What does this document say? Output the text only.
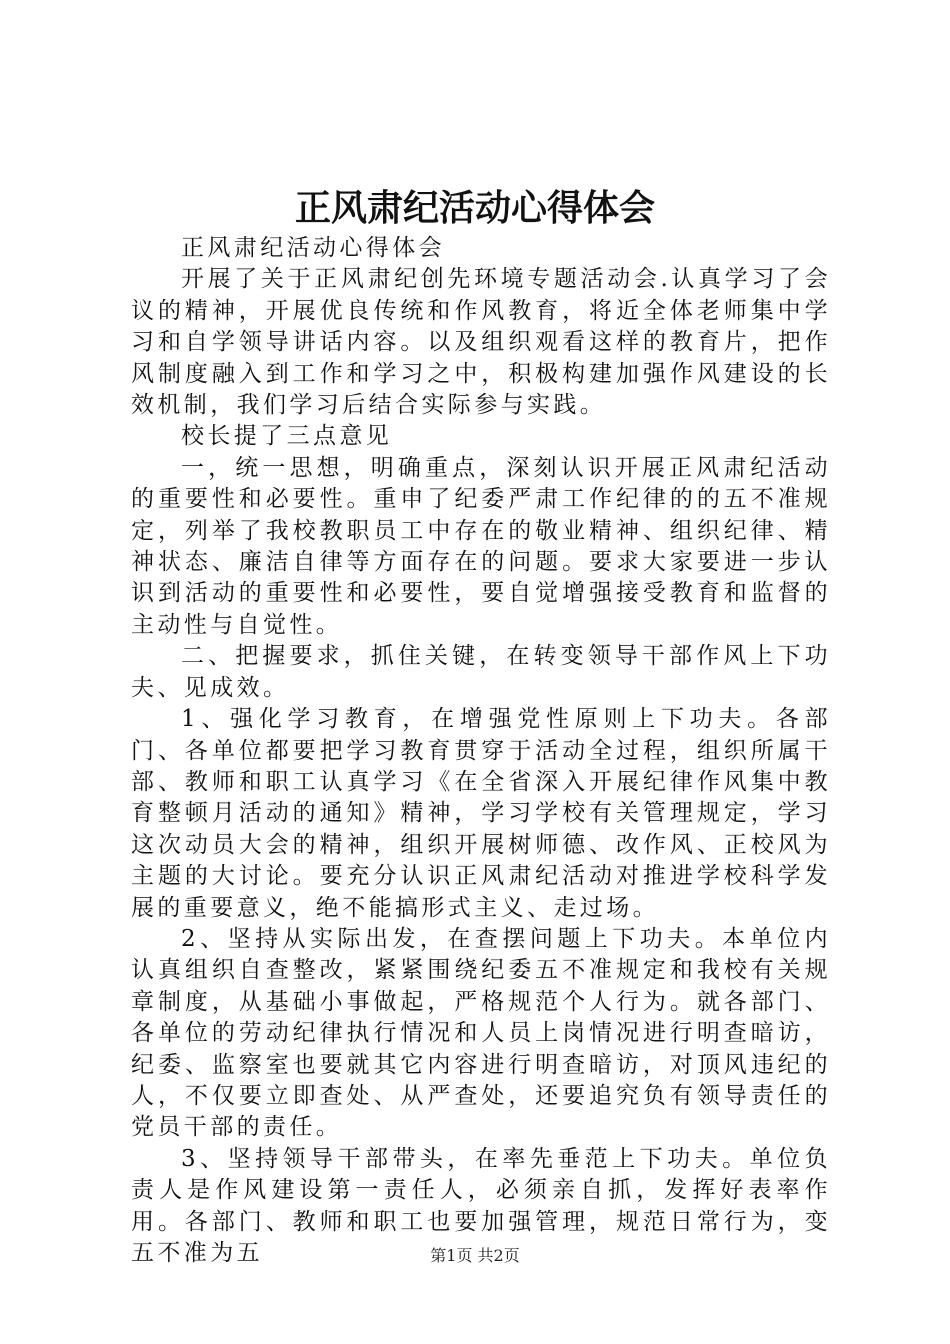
正风肃纪活动心得体会

正风肃纪活动心得体会

开展了关于正风肃纪创先环境专题活动会.认真学习了会议的精神，开展优良传统和作风教育，将近全体老师集中学习和自学领导讲话内容。以及组织观看这样的教育片，把作风制度融入到工作和学习之中，积极构建加强作风建设的长效机制，我们学习后结合实际参与实践。

校长提了三点意见

一，统一思想，明确重点，深刻认识开展正风肃纪活动的重要性和必要性。重申了纪委严肃工作纪律的的五不准规定，列举了我校教职员工中存在的敬业精神、组织纪律、精神状态、廉洁自律等方面存在的问题。要求大家要进一步认识到活动的重要性和必要性，要自觉增强接受教育和监督的主动性与自觉性。

二、把握要求，抓住关键，在转变领导干部作风上下功夫、见成效。

1、强化学习教育，在增强党性原则上下功夫。各部门、各单位都要把学习教育贯穿于活动全过程，组织所属干部、教师和职工认真学习《在全省深入开展纪律作风集中教育整顿月活动的通知》精神，学习学校有关管理规定，学习这次动员大会的精神，组织开展树师德、改作风、正校风为主题的大讨论。要充分认识正风肃纪活动对推进学校科学发展的重要意义，绝不能搞形式主义、走过场。

2、坚持从实际出发，在查摆问题上下功夫。本单位内认真组织自查整改，紧紧围绕纪委五不准规定和我校有关规章制度，从基础小事做起，严格规范个人行为。就各部门、各单位的劳动纪律执行情况和人员上岗情况进行明查暗访，纪委、监察室也要就其它内容进行明查暗访，对顶风违纪的人，不仅要立即查处、从严查处，还要追究负有领导责任的党员干部的责任。

3、坚持领导干部带头，在率先垂范上下功夫。单位负责人是作风建设第一责任人，必须亲自抓，发挥好表率作用。各部门、教师和职工也要加强管理，规范日常行为，变五不准为五	第1页 共2页
